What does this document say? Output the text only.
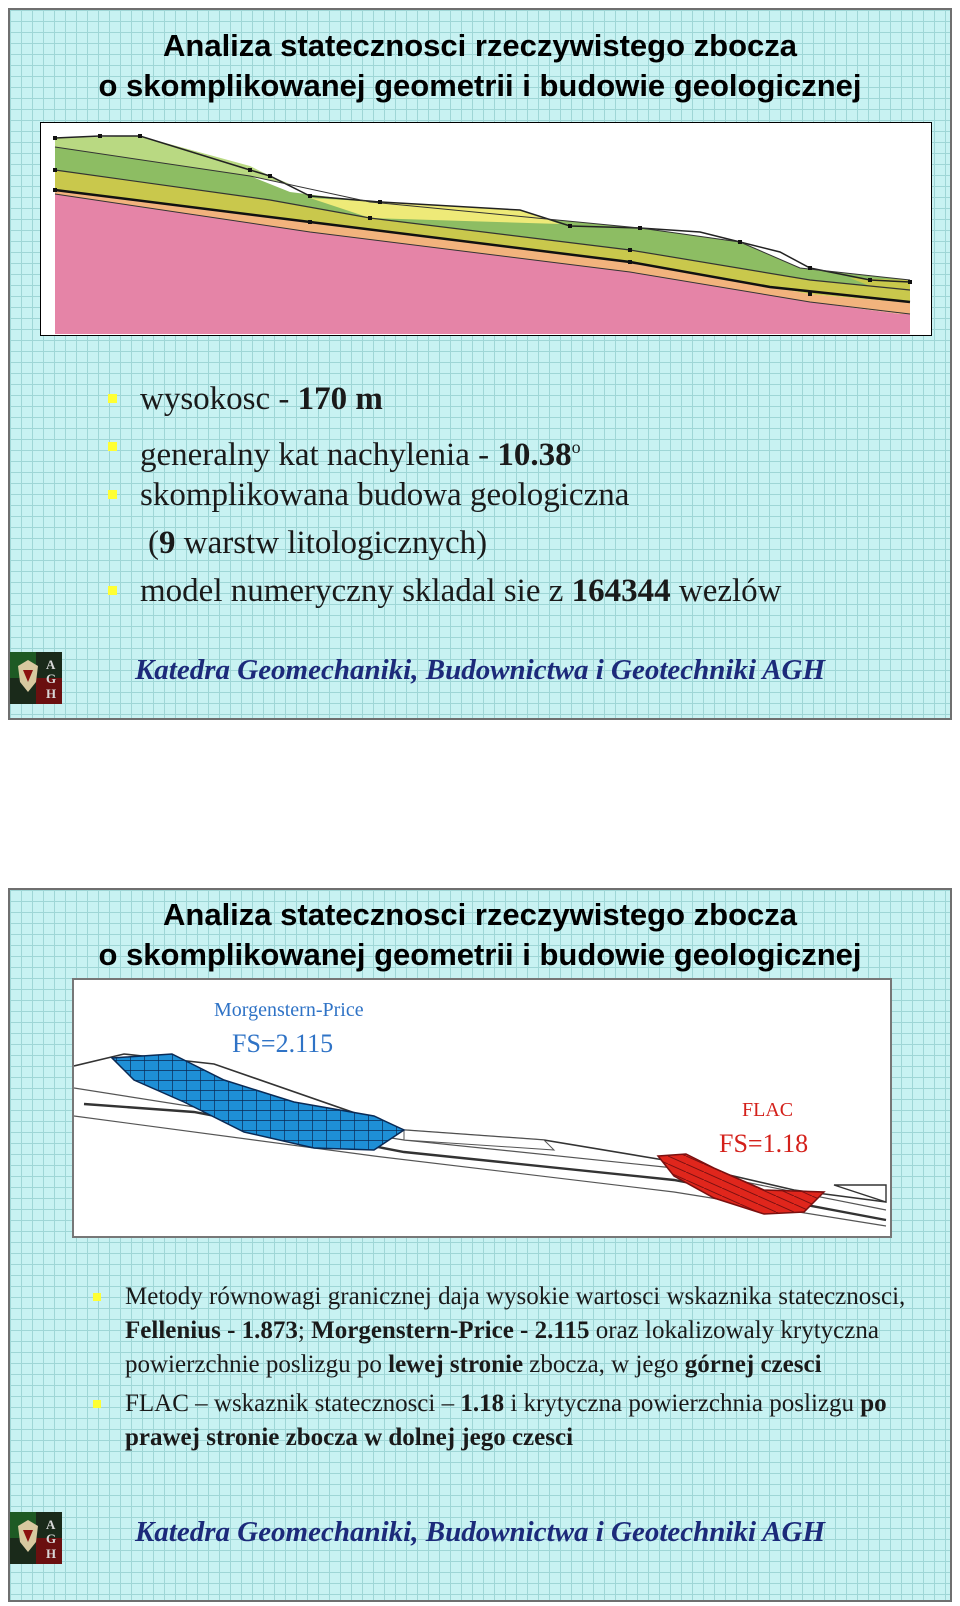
Analiza statecznosci rzeczywistego zbocza
o skomplikowanej geometrii i budowie geologicznej
wysokosc - 170 m
generalny kat nachylenia - 10.38$^o$
skomplikowana budowa geologiczna
(9 warstw litologicznych)
model numeryczny skladal sie z 164344 wezlów
A
G
H
Katedra Geomechaniki, Budownictwa i Geotechniki AGH
Analiza statecznosci rzeczywistego zbocza
o skomplikowanej geometrii i budowie geologicznej
Morgenstern-Price
FS=2.115
FLAC
FS=1.18
Metody równowagi granicznej daja wysokie wartosci wskaznika statecznosci, Fellenius - 1.873; Morgenstern-Price - 2.115 oraz lokalizowaly krytyczna powierzchnie poslizgu po lewej stronie zbocza, w jego górnej czesci
FLAC – wskaznik statecznosci – 1.18 i krytyczna powierzchnia poslizgu po prawej stronie zbocza w dolnej jego czesci
A
G
H
Katedra Geomechaniki, Budownictwa i Geotechniki AGH
